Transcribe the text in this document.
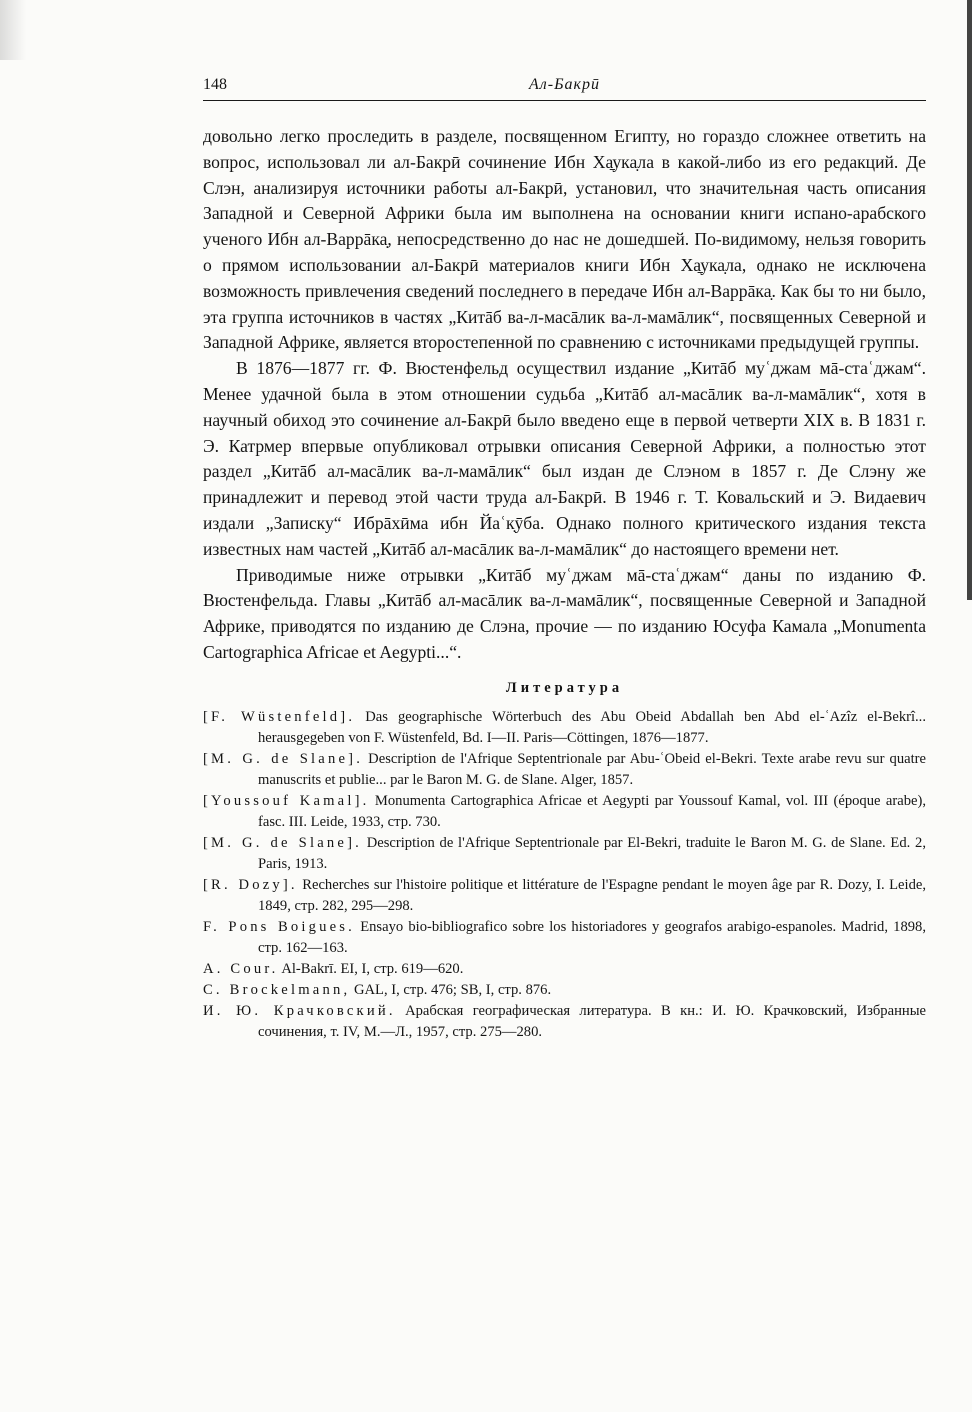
148	Ал-Бакрӣ

довольно легко проследить в разделе, посвященном Египту, но гораздо сложнее ответить на вопрос, использовал ли ал-Бакрӣ сочинение Ибн Ха̱ука̣ла в какой-либо из его редакций. Де Слэн, анализируя источники работы ал-Бакрӣ, установил, что значительная часть описания Западной и Северной Африки была им выполнена на основании книги испано-арабского ученого Ибн ал-Варрāка̣, непосредственно до нас не дошедшей. По-видимому, нельзя говорить о прямом использовании ал-Бакрӣ материалов книги Ибн Ха̱ука̣ла, однако не исключена возможность привлечения сведений последнего в передаче Ибн ал-Варрāка̣. Как бы то ни было, эта группа источников в частях „Китāб ва-л-масāлик ва-л-мамāлик“, посвященных Северной и Западной Африке, является второстепенной по сравнению с источниками предыдущей группы.

В 1876—1877 гг. Ф. Вюстенфельд осуществил издание „Китāб муʿджам мā-стаʿджам“. Менее удачной была в этом отношении судьба „Китāб ал-масāлик ва-л-мамāлик“, хотя в научный обиход это сочинение ал-Бакрӣ было введено еще в первой четверти XIX в. В 1831 г. Э. Катрмер впервые опубликовал отрывки описания Северной Африки, а полностью этот раздел „Китāб ал-масāлик ва-л-мамāлик“ был издан де Слэном в 1857 г. Де Слэну же принадлежит и перевод этой части труда ал-Бакрӣ. В 1946 г. Т. Ковальский и Э. Видаевич издали „Записку“ Ибрāхӣма ибн Йаʿк̣ӯба. Однако полного критического издания текста известных нам частей „Китāб ал-масāлик ва-л-мамāлик“ до настоящего времени нет.

Приводимые ниже отрывки „Китāб муʿджам мā-стаʿджам“ даны по изданию Ф. Вюстенфельда. Главы „Китāб ал-масāлик ва-л-мамāлик“, посвященные Северной и Западной Африке, приводятся по изданию де Слэна, прочие — по изданию Юсуфа Камала „Monumenta Cartographica Africae et Aegypti...“.

Литература

[F. Wüstenfeld]. Das geographische Wörterbuch des Abu Obeid Abdallah ben Abd el-ʿAzîz el-Bekrî... herausgegeben von F. Wüstenfeld, Bd. I—II. Paris—Cöttingen, 1876—1877.

[M. G. de Slane]. Description de l'Afrique Septentrionale par Abu-ʿObeid el-Bekri. Texte arabe revu sur quatre manuscrits et publie... par le Baron M. G. de Slane. Alger, 1857.

[Youssouf Kamal]. Monumenta Cartographica Africae et Aegypti par Youssouf Kamal, vol. III (époque arabe), fasc. III. Leide, 1933, стр. 730.

[M. G. de Slane]. Description de l'Afrique Septentrionale par El-Bekri, traduite le Baron M. G. de Slane. Ed. 2, Paris, 1913.

[R. Dozy]. Recherches sur l'histoire politique et littérature de l'Espagne pendant le moyen âge par R. Dozy, I. Leide, 1849, стр. 282, 295—298.

F. Pons Boigues. Ensayo bio-bibliografico sobre los historiadores y geografos arabigo-espanoles. Madrid, 1898, стр. 162—163.

A. Cour. Al-Bakrī. EI, I, стр. 619—620.

C. Brockelmann, GAL, I, стр. 476; SB, I, стр. 876.

И. Ю. Крачковский. Арабская географическая литература. В кн.: И. Ю. Крачковский, Избранные сочинения, т. IV, М.—Л., 1957, стр. 275—280.
